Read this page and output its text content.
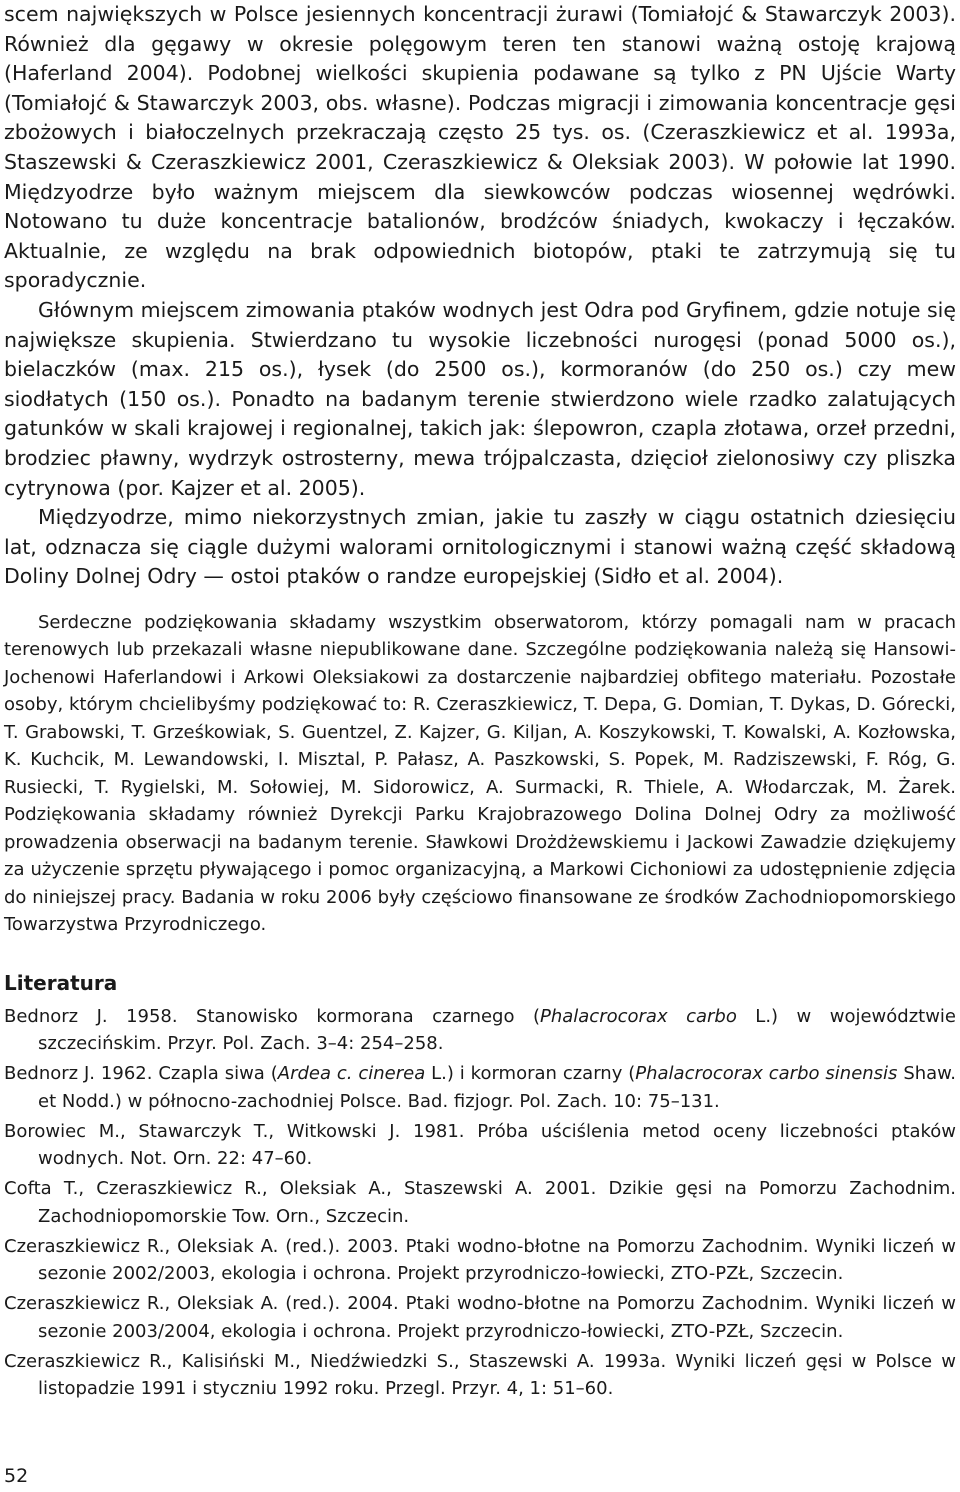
scem największych w Polsce jesiennych koncentracji żurawi (Tomiałojć & Stawarczyk 2003). Również dla gęgawy w okresie polęgowym teren ten stanowi ważną ostoję krajową (Haferland 2004). Podobnej wielkości skupienia podawane są tylko z PN Ujście Warty (Tomiałojć & Stawarczyk 2003, obs. własne). Podczas migracji i zimowania koncentracje gęsi zbożowych i białoczelnych przekraczają często 25 tys. os. (Czeraszkiewicz et al. 1993a, Staszewski & Czeraszkiewicz 2001, Czeraszkiewicz & Oleksiak 2003). W połowie lat 1990. Międzyodrze było ważnym miejscem dla siewkowców podczas wiosennej wędrówki. Notowano tu duże koncentracje batalionów, brodźców śniadych, kwokaczy i łęczaków. Aktualnie, ze względu na brak odpowiednich biotopów, ptaki te zatrzymują się tu sporadycznie.

Głównym miejscem zimowania ptaków wodnych jest Odra pod Gryfinem, gdzie notuje się największe skupienia. Stwierdzano tu wysokie liczebności nurogęsi (ponad 5000 os.), bielaczków (max. 215 os.), łysek (do 2500 os.), kormoranów (do 250 os.) czy mew siodłatych (150 os.). Ponadto na badanym terenie stwierdzono wiele rzadko zalatujących gatunków w skali krajowej i regionalnej, takich jak: ślepowron, czapla złotawa, orzeł przedni, brodziec pławny, wydrzyk ostrosterny, mewa trójpalczasta, dzięcioł zielonosiwy czy pliszka cytrynowa (por. Kajzer et al. 2005).

Międzyodrze, mimo niekorzystnych zmian, jakie tu zaszły w ciągu ostatnich dziesięciu lat, odznacza się ciągle dużymi walorami ornitologicznymi i stanowi ważną część składową Doliny Dolnej Odry — ostoi ptaków o randze europejskiej (Sidło et al. 2004).

Serdeczne podziękowania składamy wszystkim obserwatorom, którzy pomagali nam w pracach terenowych lub przekazali własne niepublikowane dane. Szczególne podziękowania należą się Hansowi-Jochenowi Haferlandowi i Arkowi Oleksiakowi za dostarczenie najbardziej obfitego materiału. Pozostałe osoby, którym chcielibyśmy podziękować to: R. Czeraszkiewicz, T. Depa, G. Domian, T. Dykas, D. Górecki, T. Grabowski, T. Grześkowiak, S. Guentzel, Z. Kajzer, G. Kiljan, A. Koszykowski, T. Kowalski, A. Kozłowska, K. Kuchcik, M. Lewandowski, I. Misztal, P. Pałasz, A. Paszkowski, S. Popek, M. Radziszewski, F. Róg, G. Rusiecki, T. Rygielski, M. Sołowiej, M. Sidorowicz, A. Surmacki, R. Thiele, A. Włodarczak, M. Żarek. Podziękowania składamy również Dyrekcji Parku Krajobrazowego Dolina Dolnej Odry za możliwość prowadzenia obserwacji na badanym terenie. Sławkowi Drożdżewskiemu i Jackowi Zawadzie dziękujemy za użyczenie sprzętu pływającego i pomoc organizacyjną, a Markowi Cichoniowi za udostępnienie zdjęcia do niniejszej pracy. Badania w roku 2006 były częściowo finansowane ze środków Zachodniopomorskiego Towarzystwa Przyrodniczego.
Literatura

Bednorz J. 1958. Stanowisko kormorana czarnego (Phalacrocorax carbo L.) w województwie szczecińskim. Przyr. Pol. Zach. 3–4: 254–258.

Bednorz J. 1962. Czapla siwa (Ardea c. cinerea L.) i kormoran czarny (Phalacrocorax carbo sinensis Shaw. et Nodd.) w północno-zachodniej Polsce. Bad. fizjogr. Pol. Zach. 10: 75–131.

Borowiec M., Stawarczyk T., Witkowski J. 1981. Próba uściślenia metod oceny liczebności ptaków wodnych. Not. Orn. 22: 47–60.

Cofta T., Czeraszkiewicz R., Oleksiak A., Staszewski A. 2001. Dzikie gęsi na Pomorzu Zachodnim. Zachodniopomorskie Tow. Orn., Szczecin.

Czeraszkiewicz R., Oleksiak A. (red.). 2003. Ptaki wodno-błotne na Pomorzu Zachodnim. Wyniki liczeń w sezonie 2002/2003, ekologia i ochrona. Projekt przyrodniczo-łowiecki, ZTO-PZŁ, Szczecin.

Czeraszkiewicz R., Oleksiak A. (red.). 2004. Ptaki wodno-błotne na Pomorzu Zachodnim. Wyniki liczeń w sezonie 2003/2004, ekologia i ochrona. Projekt przyrodniczo-łowiecki, ZTO-PZŁ, Szczecin.

Czeraszkiewicz R., Kalisiński M., Niedźwiedzki S., Staszewski A. 1993a. Wyniki liczeń gęsi w Polsce w listopadzie 1991 i styczniu 1992 roku. Przegl. Przyr. 4, 1: 51–60.

52
